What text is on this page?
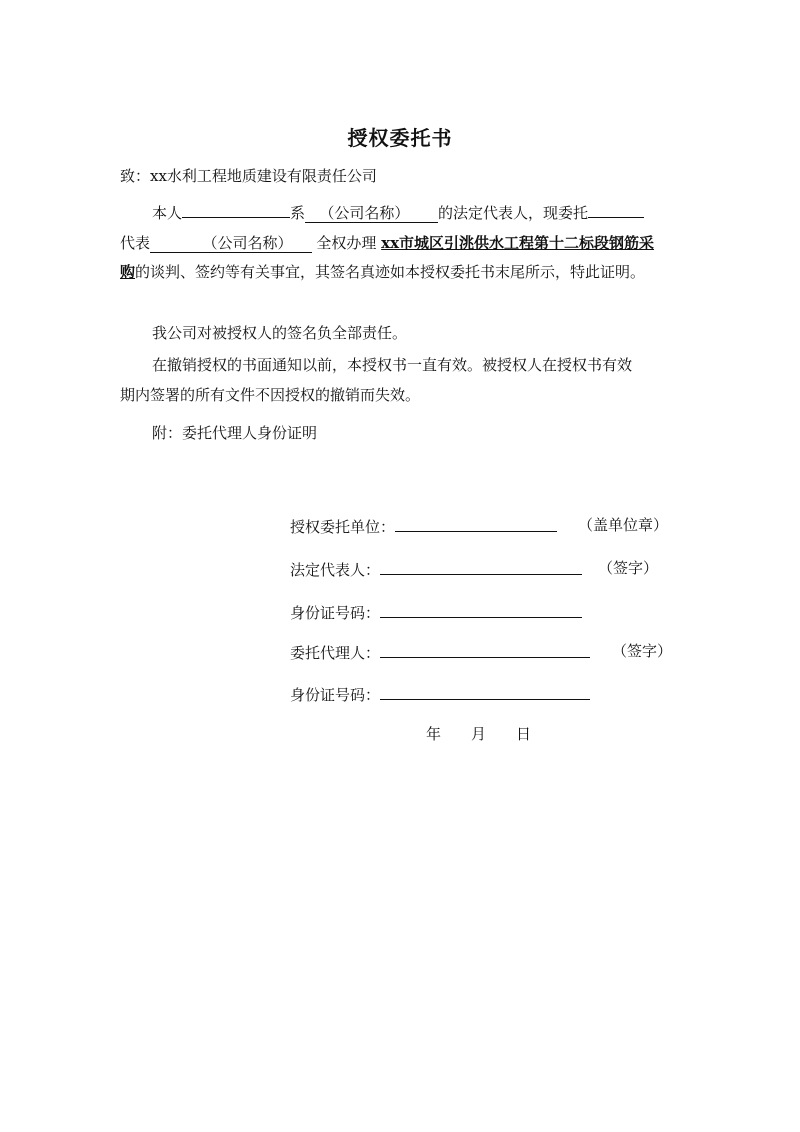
授权委托书
致：xx水利工程地质建设有限责任公司
本人	系 （公司名称） 的法定代表人，现委托
代表	（公司名称） 全权办理 xx市城区引洮供水工程第十二标段钢筋采
购的谈判、签约等有关事宜，其签名真迹如本授权委托书末尾所示，特此证明。
我公司对被授权人的签名负全部责任。
在撤销授权的书面通知以前，本授权书一直有效。被授权人在授权书有效
期内签署的所有文件不因授权的撤销而失效。
附：委托代理人身份证明
授权委托单位：	（盖单位章）
法定代表人：	（签字）
身份证号码：
委托代理人：	（签字）
身份证号码：
年　　月　　日
